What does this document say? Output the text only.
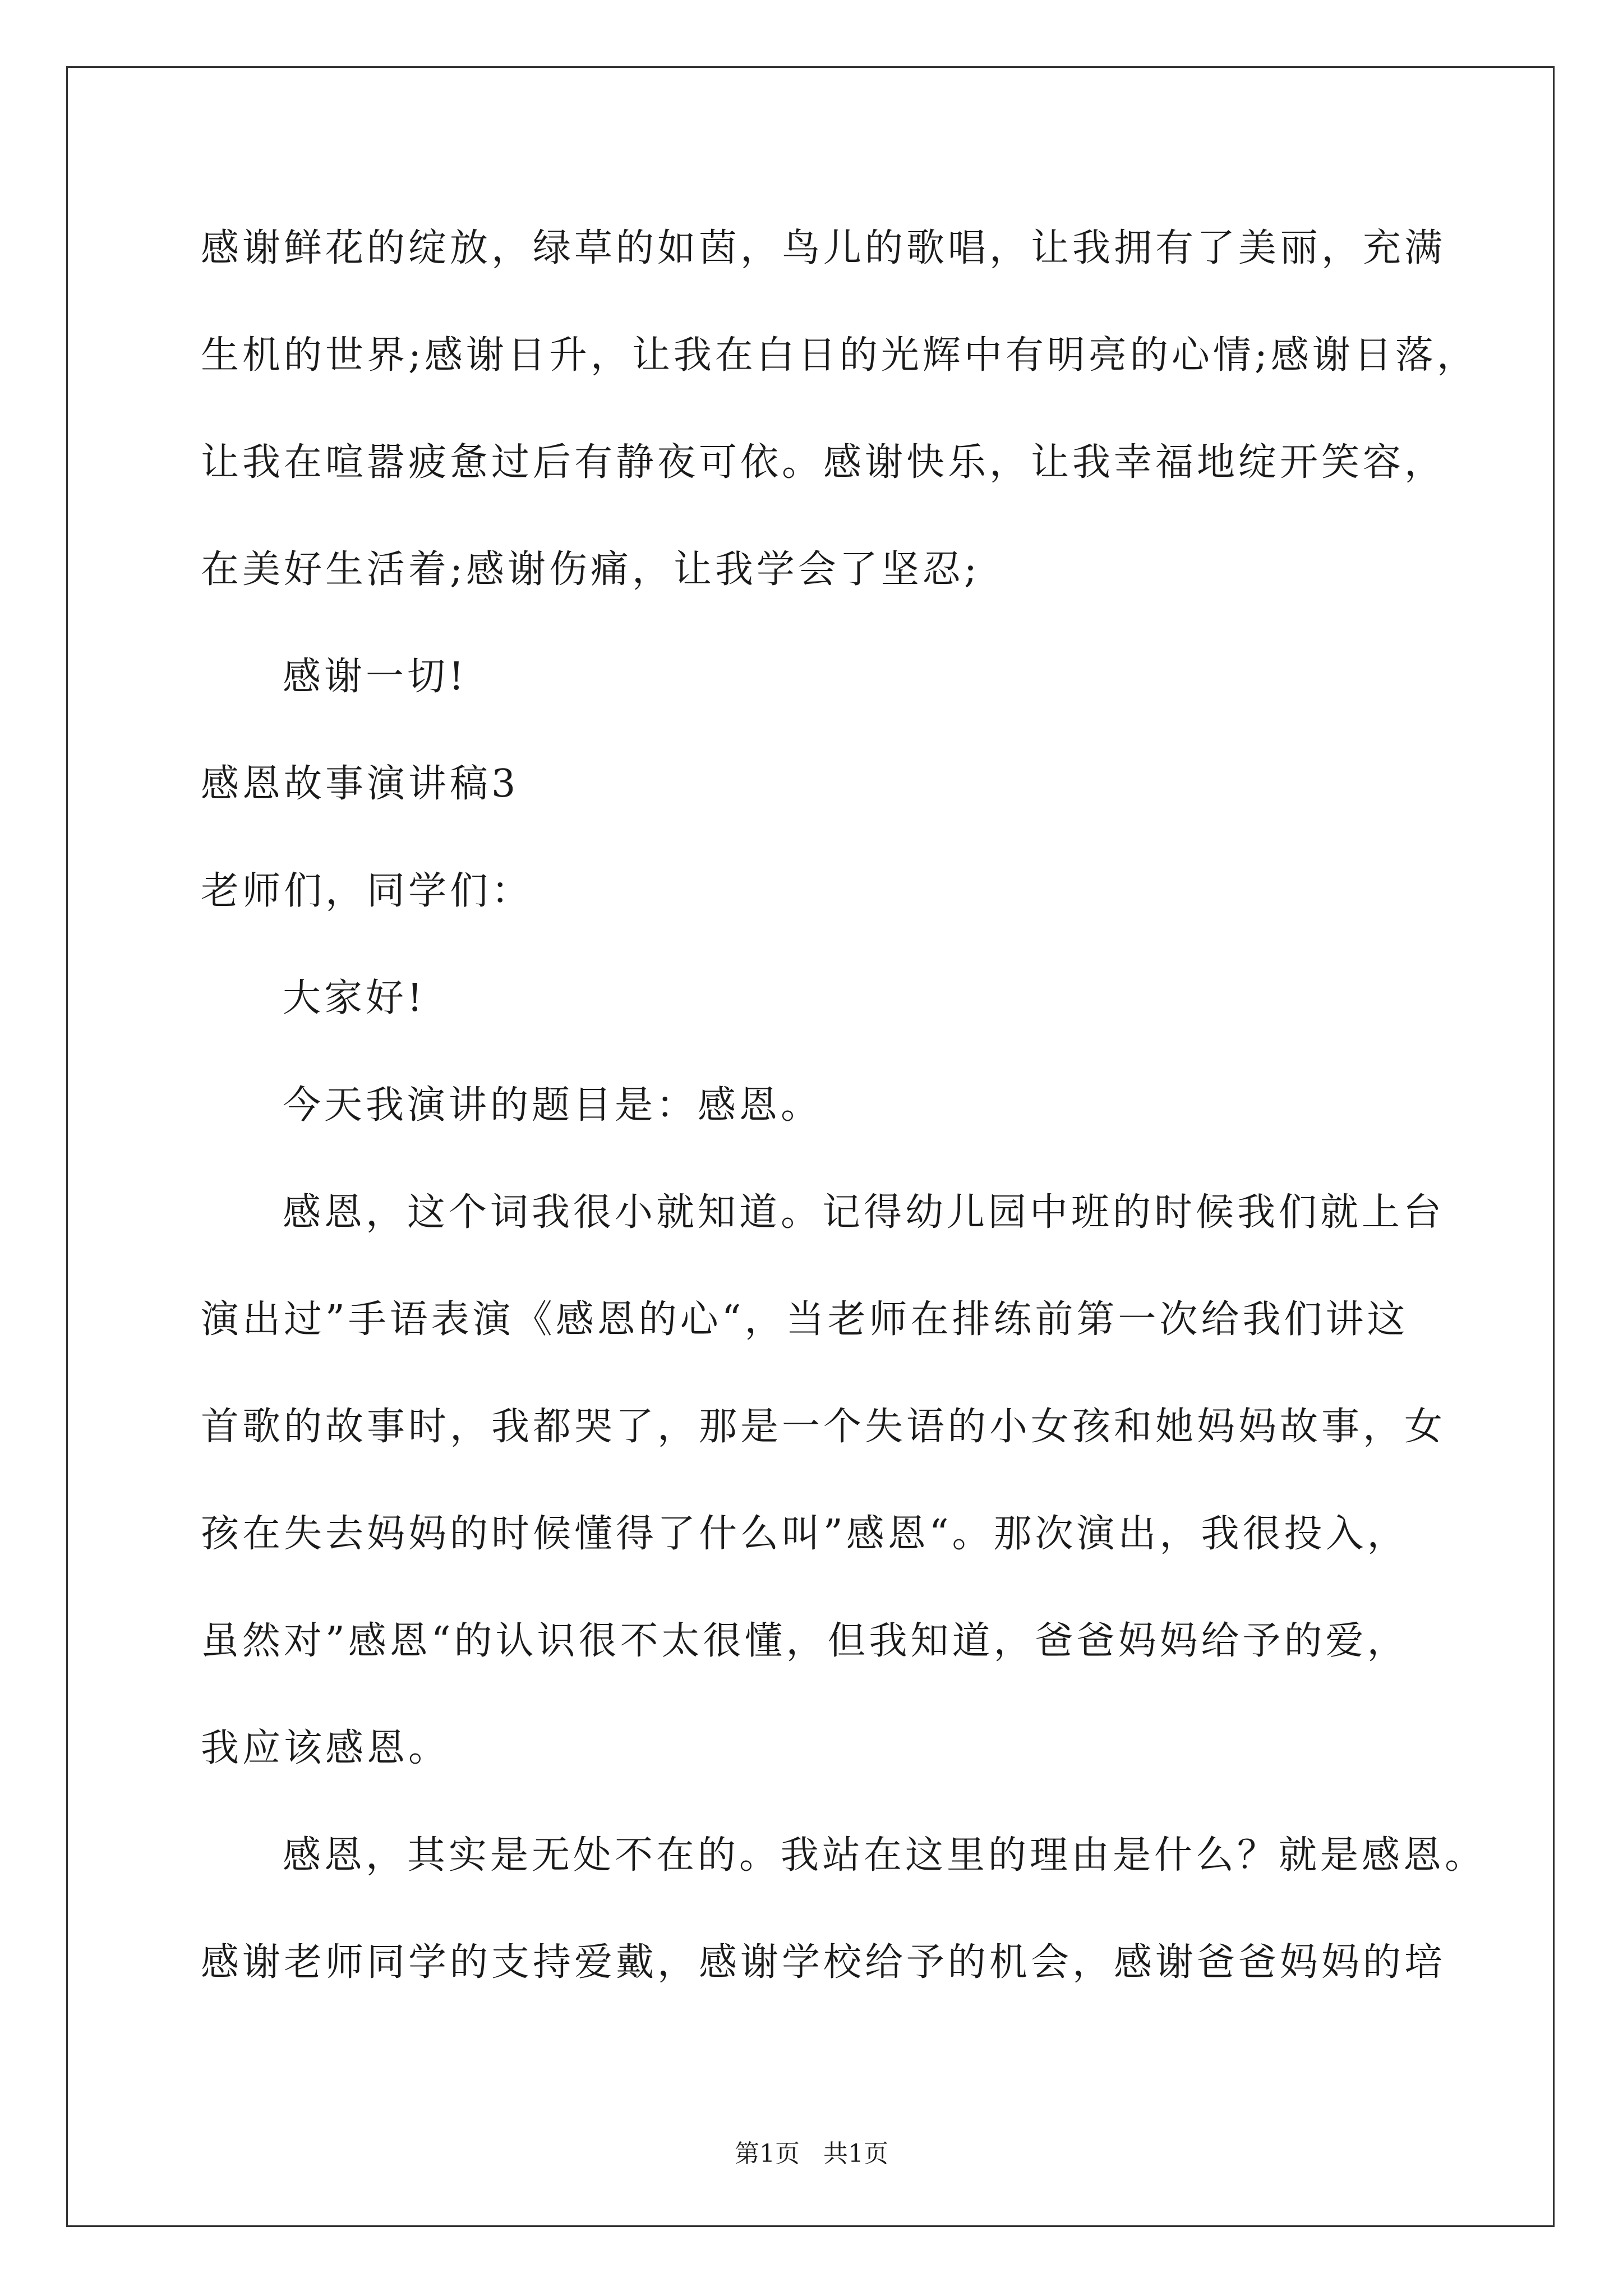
感谢鲜花的绽放，绿草的如茵，鸟儿的歌唱，让我拥有了美丽，充满
生机的世界;感谢日升，让我在白日的光辉中有明亮的心情;感谢日落，
让我在喧嚣疲惫过后有静夜可依。感谢快乐，让我幸福地绽开笑容，
在美好生活着;感谢伤痛，让我学会了坚忍;
感谢一切!
感恩故事演讲稿3
老师们，同学们：
大家好!
今天我演讲的题目是：感恩。
感恩，这个词我很小就知道。记得幼儿园中班的时候我们就上台
演出过”手语表演《感恩的心“，当老师在排练前第一次给我们讲这
首歌的故事时，我都哭了，那是一个失语的小女孩和她妈妈故事，女
孩在失去妈妈的时候懂得了什么叫”感恩“。那次演出，我很投入，
虽然对”感恩“的认识很不太很懂，但我知道，爸爸妈妈给予的爱，
我应该感恩。
感恩，其实是无处不在的。我站在这里的理由是什么？就是感恩。
感谢老师同学的支持爱戴，感谢学校给予的机会，感谢爸爸妈妈的培
第1页   共1页
